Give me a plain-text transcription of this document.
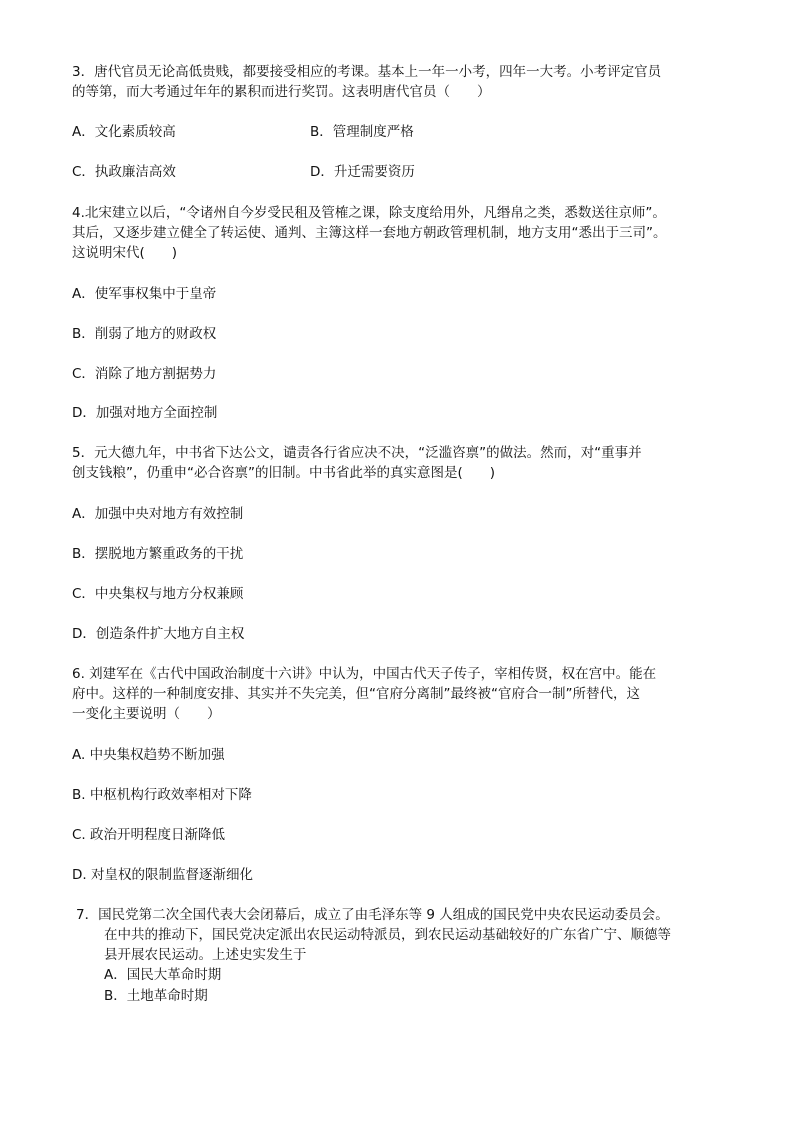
3．唐代官员无论高低贵贱，都要接受相应的考课。基本上一年一小考，四年一大考。小考评定官员

的等第，而大考通过年年的累积而进行奖罚。这表明唐代官员（　　）

A．文化素质较高	B．管理制度严格
C．执政廉洁高效	D．升迁需要资历

4.北宋建立以后，“令诸州自今岁受民租及管榷之课，除支度给用外，凡缗帛之类，悉数送往京师”。

其后，又逐步建立健全了转运使、通判、主簿这样一套地方朝政管理机制，地方支用“悉出于三司”。

这说明宋代(　　)

A．使军事权集中于皇帝
B．削弱了地方的财政权
C．消除了地方割据势力
D．加强对地方全面控制

5．元大德九年，中书省下达公文，谴责各行省应决不决，“泛滥咨禀”的做法。然而，对“重事并

创支钱粮”，仍重申“必合咨禀”的旧制。中书省此举的真实意图是(　　)

A．加强中央对地方有效控制
B．摆脱地方繁重政务的干扰
C．中央集权与地方分权兼顾
D．创造条件扩大地方自主权

6. 刘建军在《古代中国政治制度十六讲》中认为，中国古代天子传子，宰相传贤，权在宫中。能在

府中。这样的一种制度安排、其实并不失完美，但“官府分离制”最终被“官府合一制”所替代，这

一变化主要说明（　　）

A. 中央集权趋势不断加强
B. 中枢机构行政效率相对下降
C. 政治开明程度日渐降低
D. 对皇权的限制监督逐渐细化

7．国民党第二次全国代表大会闭幕后，成立了由毛泽东等 9 人组成的国民党中央农民运动委员会。

在中共的推动下，国民党决定派出农民运动特派员，到农民运动基础较好的广东省广宁、顺德等

县开展农民运动。上述史实发生于

A．国民大革命时期
B．土地革命时期
